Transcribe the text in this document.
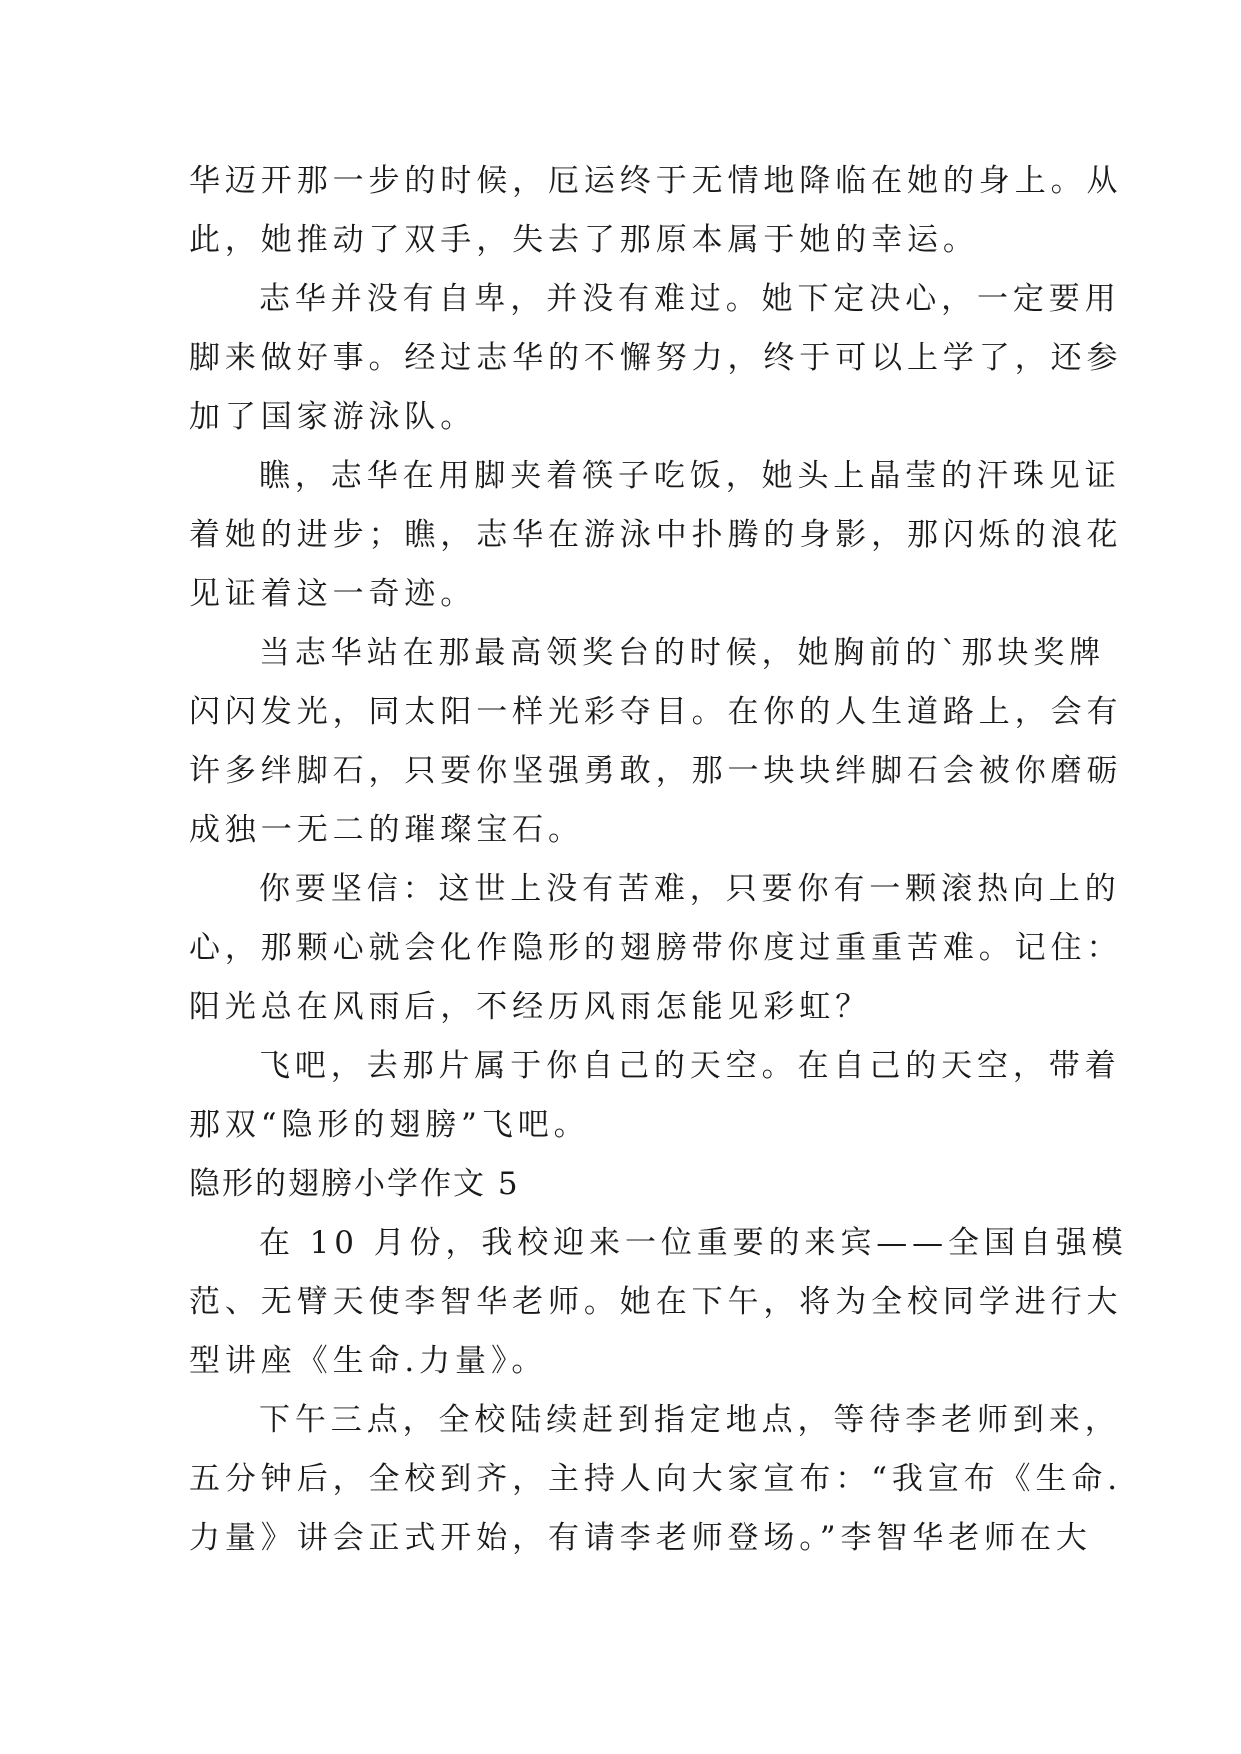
华迈开那一步的时候，厄运终于无情地降临在她的身上。从
此，她推动了双手，失去了那原本属于她的幸运。
志华并没有自卑，并没有难过。她下定决心，一定要用
脚来做好事。经过志华的不懈努力，终于可以上学了，还参
加了国家游泳队。
瞧，志华在用脚夹着筷子吃饭，她头上晶莹的汗珠见证
着她的进步；瞧，志华在游泳中扑腾的身影，那闪烁的浪花
见证着这一奇迹。
当志华站在那最高领奖台的时候，她胸前的`那块奖牌
闪闪发光，同太阳一样光彩夺目。在你的人生道路上，会有
许多绊脚石，只要你坚强勇敢，那一块块绊脚石会被你磨砺
成独一无二的璀璨宝石。
你要坚信：这世上没有苦难，只要你有一颗滚热向上的
心，那颗心就会化作隐形的翅膀带你度过重重苦难。记住：
阳光总在风雨后，不经历风雨怎能见彩虹？
飞吧，去那片属于你自己的天空。在自己的天空，带着
那双“隐形的翅膀”飞吧。
隐形的翅膀小学作文 5
在 10 月份，我校迎来一位重要的来宾——全国自强模
范、无臂天使李智华老师。她在下午，将为全校同学进行大
型讲座《生命.力量》。
下午三点，全校陆续赶到指定地点，等待李老师到来，
五分钟后，全校到齐，主持人向大家宣布：“我宣布《生命.
力量》讲会正式开始，有请李老师登场。”李智华老师在大
